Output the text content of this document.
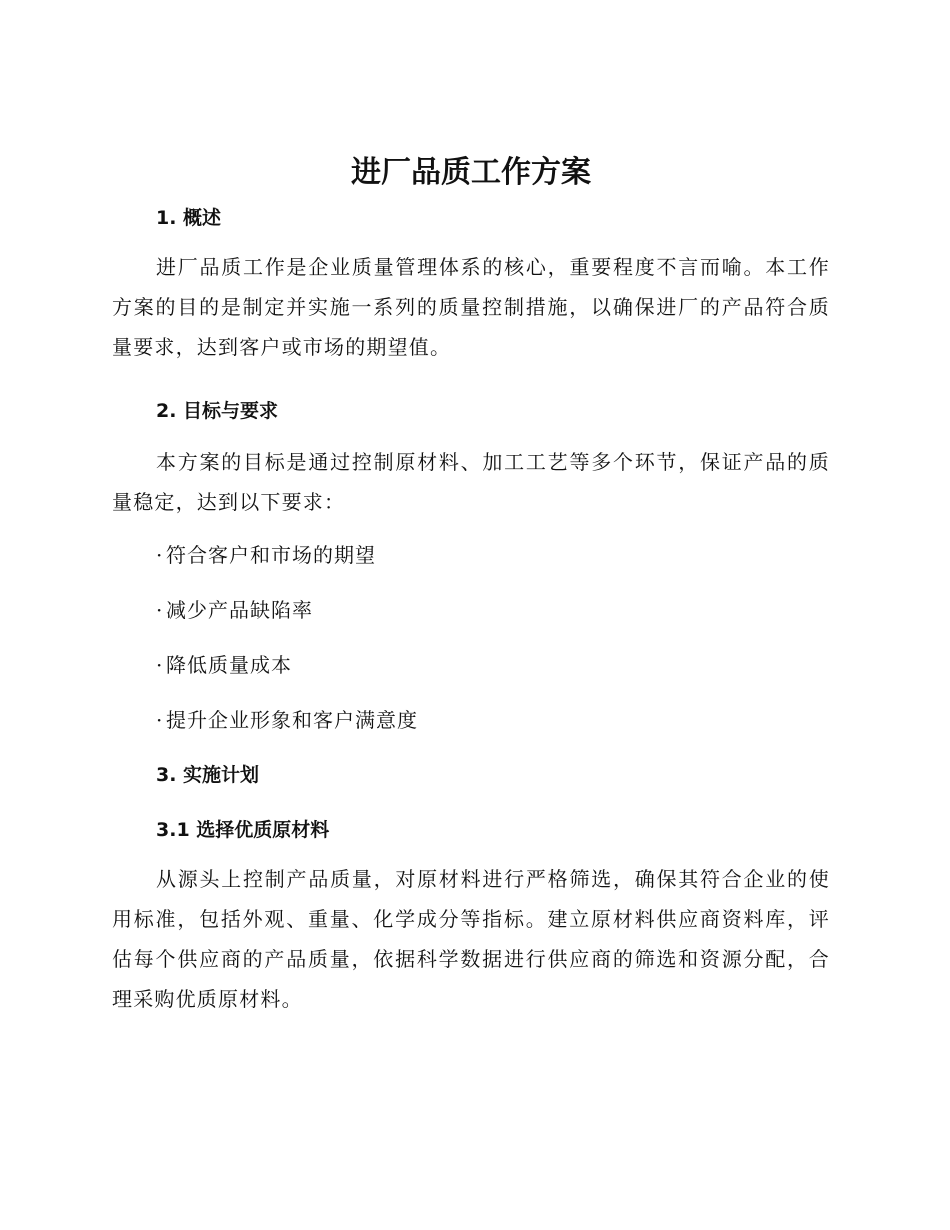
进厂品质工作方案
1. 概述

进厂品质工作是企业质量管理体系的核心，重要程度不言而喻。本工作方案的目的是制定并实施一系列的质量控制措施，以确保进厂的产品符合质量要求，达到客户或市场的期望值。

2. 目标与要求

本方案的目标是通过控制原材料、加工工艺等多个环节，保证产品的质量稳定，达到以下要求：

· 符合客户和市场的期望

· 减少产品缺陷率

· 降低质量成本

· 提升企业形象和客户满意度

3. 实施计划
3.1 选择优质原材料

从源头上控制产品质量，对原材料进行严格筛选，确保其符合企业的使用标准，包括外观、重量、化学成分等指标。建立原材料供应商资料库，评估每个供应商的产品质量，依据科学数据进行供应商的筛选和资源分配，合理采购优质原材料。
